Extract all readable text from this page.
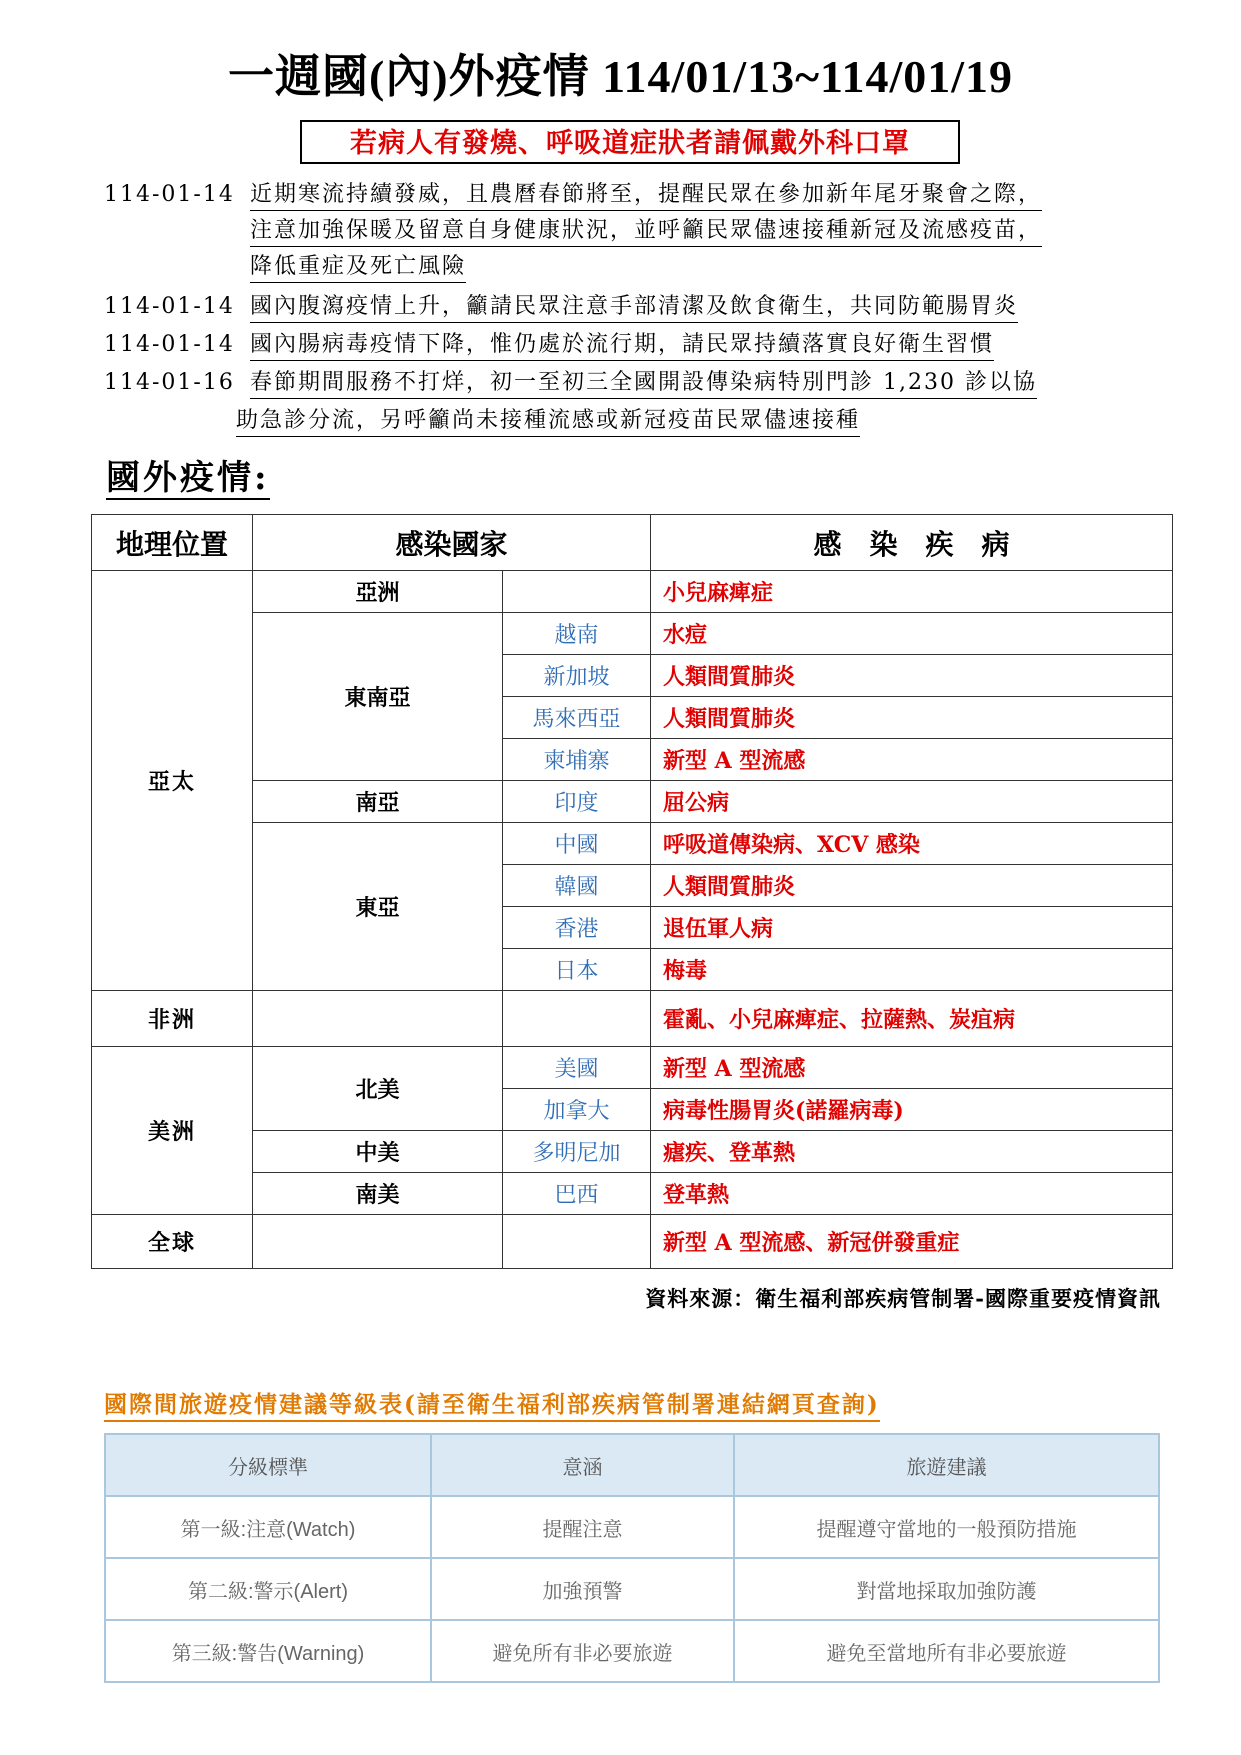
一週國(內)外疫情 114/01/13~114/01/19
若病人有發燒、呼吸道症狀者請佩戴外科口罩
114-01-14 近期寒流持續發威，且農曆春節將至，提醒民眾在參加新年尾牙聚會之際，
注意加強保暖及留意自身健康狀況，並呼籲民眾儘速接種新冠及流感疫苗，
降低重症及死亡風險
114-01-14 國內腹瀉疫情上升，籲請民眾注意手部清潔及飲食衛生，共同防範腸胃炎
114-01-14 國內腸病毒疫情下降，惟仍處於流行期，請民眾持續落實良好衛生習慣
114-01-16 春節期間服務不打烊，初一至初三全國開設傳染病特別門診 1,230 診以協
助急診分流，另呼籲尚未接種流感或新冠疫苗民眾儘速接種
國外疫情:
地理位置	感染國家		感　染　疾　病
亞太	亞洲		小兒麻痺症
	東南亞	越南	水痘
		新加坡	人類間質肺炎
		馬來西亞	人類間質肺炎
		柬埔寨	新型 A 型流感
	南亞	印度	屈公病
	東亞	中國	呼吸道傳染病、XCV 感染
		韓國	人類間質肺炎
		香港	退伍軍人病
		日本	梅毒
非洲			霍亂、小兒麻痺症、拉薩熱、炭疽病
美洲	北美	美國	新型 A 型流感
		加拿大	病毒性腸胃炎(諾羅病毒)
	中美	多明尼加	瘧疾、登革熱
	南美	巴西	登革熱
全球			新型 A 型流感、新冠併發重症
資料來源：衛生福利部疾病管制署-國際重要疫情資訊
國際間旅遊疫情建議等級表(請至衛生福利部疾病管制署連結網頁查詢)
分級標準	意涵	旅遊建議
第一級:注意(Watch)	提醒注意	提醒遵守當地的一般預防措施
第二級:警示(Alert)	加強預警	對當地採取加強防護
第三級:警告(Warning)	避免所有非必要旅遊	避免至當地所有非必要旅遊
